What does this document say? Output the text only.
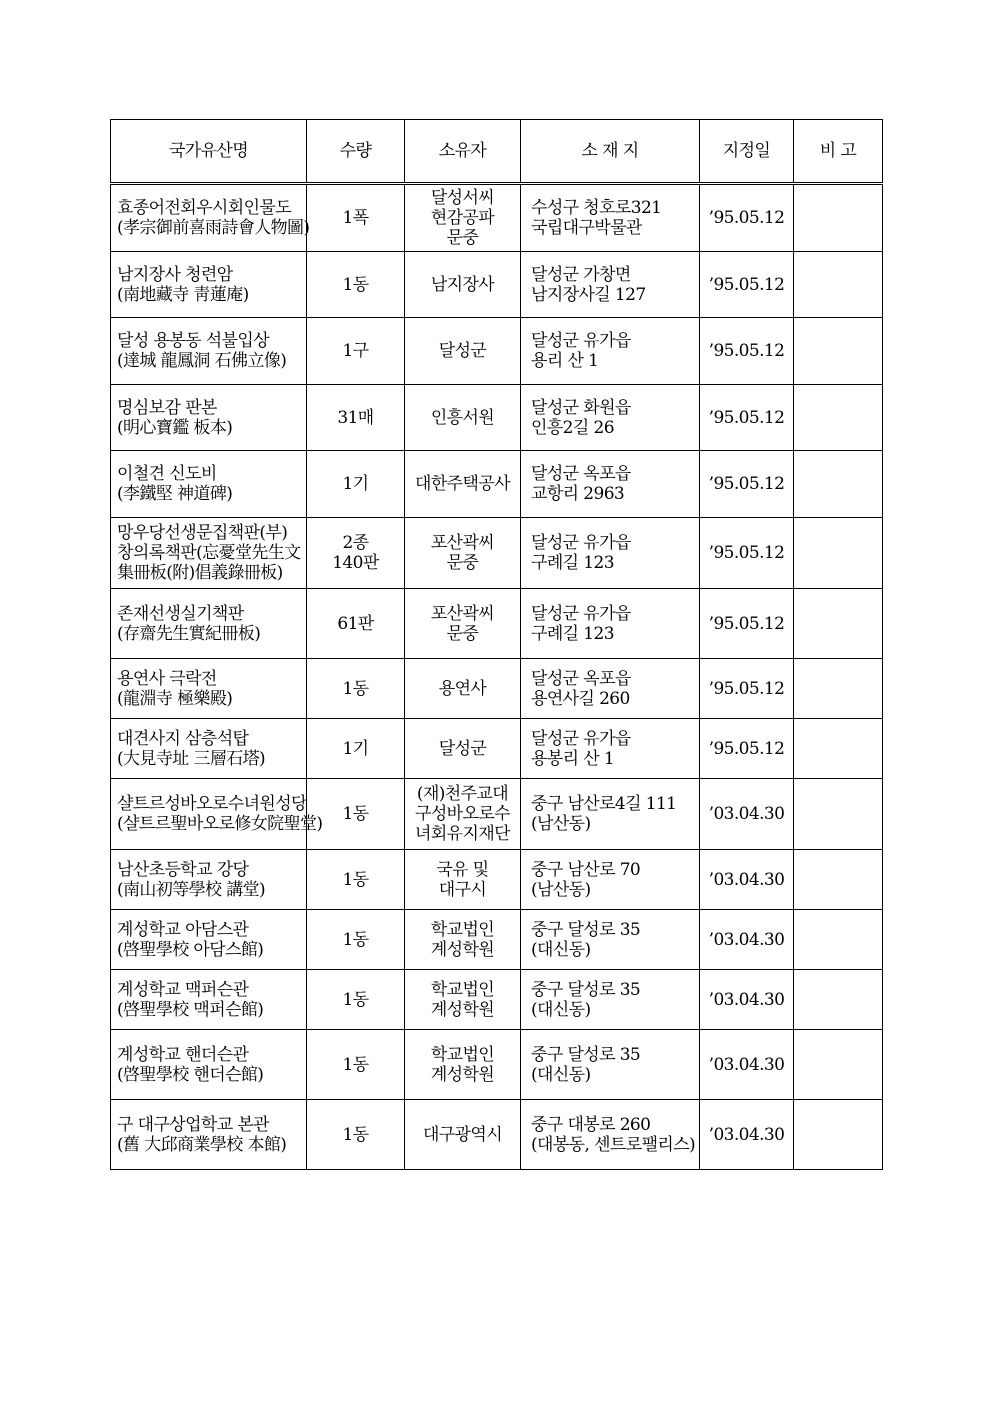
국가유산명	수량	소유자	소 재 지	지정일	비 고

효종어전회우시회인물도
(孝宗御前喜雨詩會人物圖)	1폭	달성서씨
현감공파
문중	수성구 청호로321
국립대구박물관	’95.05.12	

남지장사 청련암
(南地藏寺 靑蓮庵)	1동	남지장사	달성군 가창면
남지장사길 127	’95.05.12	

달성 용봉동 석불입상
(達城 龍鳳洞 石佛立像)	1구	달성군	달성군 유가읍
용리 산 1	’95.05.12	

명심보감 판본
(明心寶鑑 板本)	31매	인흥서원	달성군 화원읍
인흥2길 26	’95.05.12	

이철견 신도비
(李鐵堅 神道碑)	1기	대한주택공사	달성군 옥포읍
교항리 2963	’95.05.12	

망우당선생문집책판(부)
창의록책판(忘憂堂先生文
集冊板(附)倡義錄冊板)	2종
140판	포산곽씨
문중	달성군 유가읍
구례길 123	’95.05.12	

존재선생실기책판
(存齋先生實紀冊板)	61판	포산곽씨
문중	달성군 유가읍
구례길 123	’95.05.12	

용연사 극락전
(龍淵寺 極樂殿)	1동	용연사	달성군 옥포읍
용연사길 260	’95.05.12	

대견사지 삼층석탑
(大見寺址 三層石塔)	1기	달성군	달성군 유가읍
용봉리 산 1	’95.05.12	

샬트르성바오로수녀원성당
(샬트르聖바오로修女院聖堂)	1동	(재)천주교대
구성바오로수
녀회유지재단	중구 남산로4길 111
(남산동)	’03.04.30	

남산초등학교 강당
(南山初等學校 講堂)	1동	국유 및
대구시	중구 남산로 70
(남산동)	’03.04.30	

계성학교 아담스관
(啓聖學校 아담스館)	1동	학교법인
계성학원	중구 달성로 35
(대신동)	’03.04.30	

계성학교 맥퍼슨관
(啓聖學校 맥퍼슨館)	1동	학교법인
계성학원	중구 달성로 35
(대신동)	’03.04.30	

계성학교 핸더슨관
(啓聖學校 핸더슨館)	1동	학교법인
계성학원	중구 달성로 35
(대신동)	’03.04.30	

구 대구상업학교 본관
(舊 大邱商業學校 本館)	1동	대구광역시	중구 대봉로 260
(대봉동, 센트로팰리스)	’03.04.30	
